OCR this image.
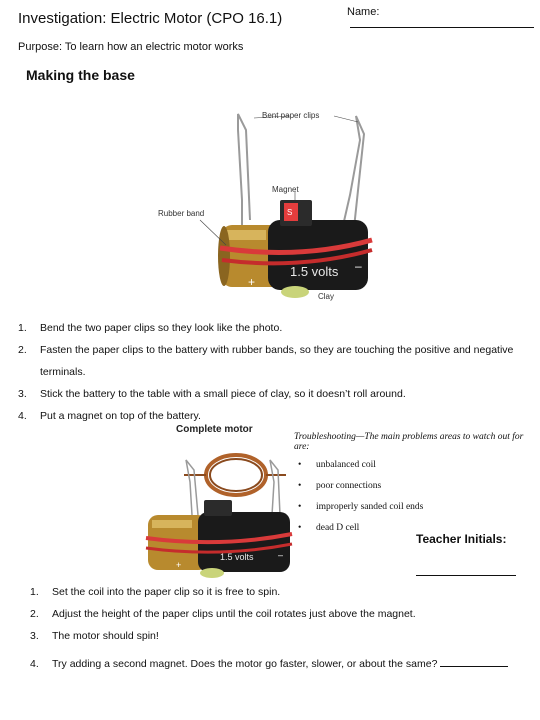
Investigation: Electric Motor (CPO 16.1)	Name:
Purpose: To learn how an electric motor works
Making the base
Bent paper clips
S
Magnet
Rubber band
1.5 volts
+
–
Clay
1. Bend the two paper clips so they look like the photo.
2. Fasten the paper clips to the battery with rubber bands, so they are touching the positive and negative terminals.
3. Stick the battery to the table with a small piece of clay, so it doesn’t roll around.
4. Put a magnet on top of the battery.
Complete motor
1.5 volts
+
–
Troubleshooting—The main problems areas to watch out for are:
• unbalanced coil
• poor connections
• improperly sanded coil ends
• dead D cell
Teacher Initials:
1. Set the coil into the paper clip so it is free to spin.
2. Adjust the height of the paper clips until the coil rotates just above the magnet.
3. The motor should spin!
4. Try adding a second magnet. Does the motor go faster, slower, or about the same?
